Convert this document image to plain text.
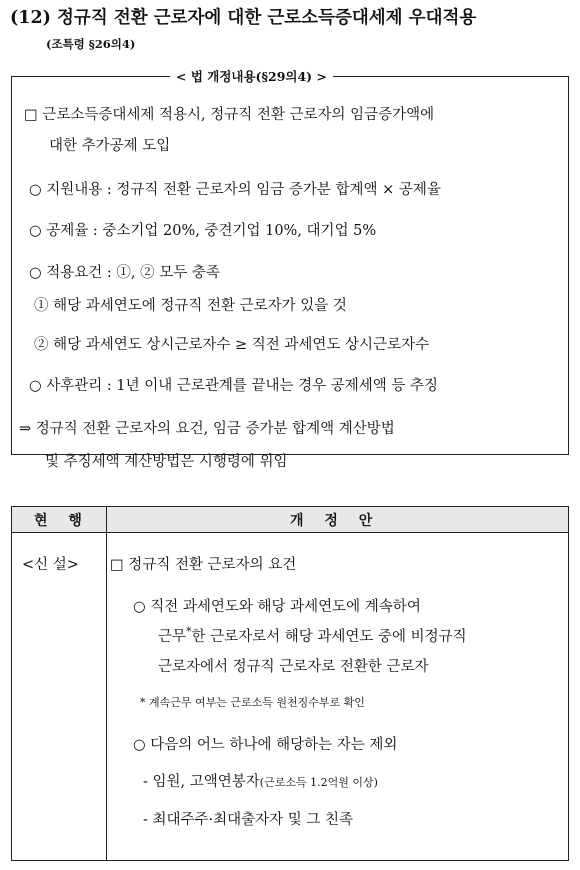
(12) 정규직 전환 근로자에 대한 근로소득증대세제 우대적용
(조특령 §26의4)
< 법 개정내용(§29의4) >
□ 근로소득증대세제 적용시, 정규직 전환 근로자의 임금증가액에
대한 추가공제 도입
○ 지원내용 : 정규직 전환 근로자의 임금 증가분 합계액 × 공제율
○ 공제율 : 중소기업 20%, 중견기업 10%, 대기업 5%
○ 적용요건 : ①, ② 모두 충족
① 해당 과세연도에 정규직 전환 근로자가 있을 것
② 해당 과세연도 상시근로자수 ≥ 직전 과세연도 상시근로자수
○ 사후관리 : 1년 이내 근로관계를 끝내는 경우 공제세액 등 추징
⇒ 정규직 전환 근로자의 요건, 임금 증가분 합계액 계산방법
및 추징세액 계산방법은 시행령에 위임
현 행	개 정 안
<신 설> □ 정규직 전환 근로자의 요건
○ 직전 과세연도와 해당 과세연도에 계속하여
근무*한 근로자로서 해당 과세연도 중에 비정규직
근로자에서 정규직 근로자로 전환한 근로자
* 계속근무 여부는 근로소득 원천징수부로 확인
○ 다음의 어느 하나에 해당하는 자는 제외
- 임원, 고액연봉자(근로소득 1.2억원 이상)
- 최대주주·최대출자자 및 그 친족
